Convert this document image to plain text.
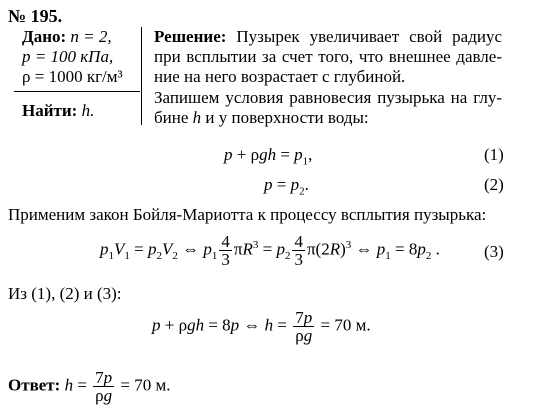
№ 195.
Дано: n = 2,
p = 100 кПа,
ρ = 1000 кг/м³
Найти: h.
Решение: Пузырек увеличивает свой радиус
при всплытии за счет того, что внешнее давле-
ние на него возрастает с глубиной.
Запишем условия равновесия пузырька на глу-
бине h и у поверхности воды:
$p + \rho gh = p_1$,	(1)
$p = p_2$.	(2)
Применим закон Бойля-Мариотта к процессу всплытия пузырька:
$p_1V_1 = p_2V_2$ ⇔ $p_1 \frac{4}{3} \pi R^3 = p_2 \frac{4}{3} \pi(2R)^3$ ⇔ $p_1 = 8p_2$ .	(3)
Из (1), (2) и (3):
p + ρgh = 8p ⇔ $h = \frac{7p}{\rho g} = 70$ м.
Ответ: $h = \frac{7p}{\rho g} = 70$ м.
